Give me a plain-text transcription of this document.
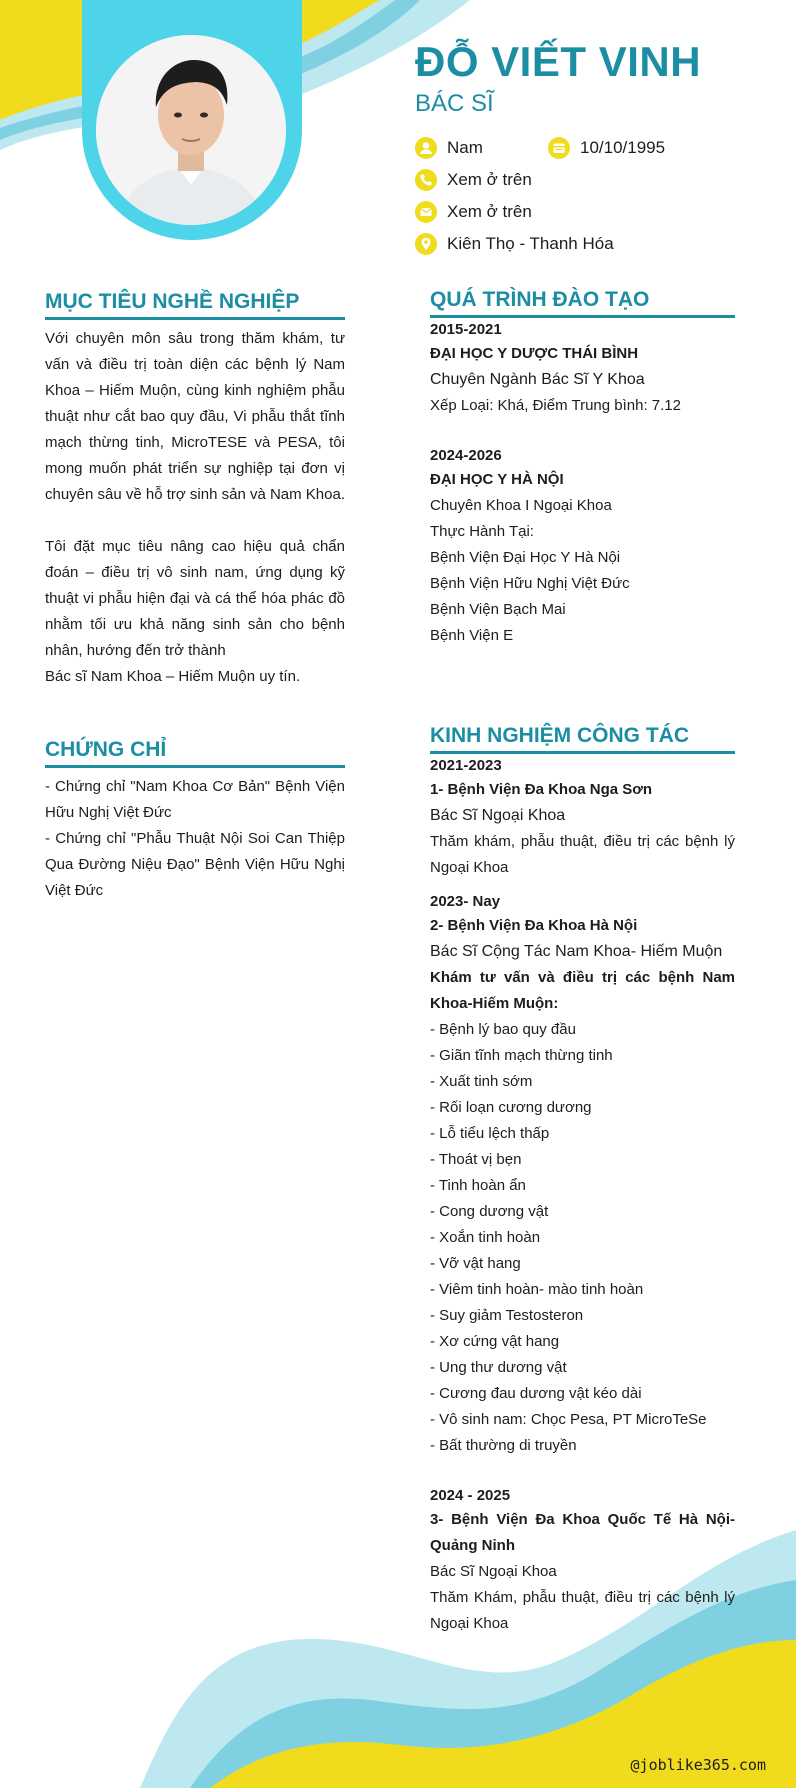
ĐỖ VIẾT VINH
BÁC SĨ
Nam	10/10/1995
Xem ở trên
Xem ở trên
Kiên Thọ - Thanh Hóa
MỤC TIÊU NGHỀ NGHIỆP

Với chuyên môn sâu trong thăm khám, tư vấn và điều trị toàn diện các bệnh lý Nam Khoa – Hiếm Muộn, cùng kinh nghiệm phẫu thuật như cắt bao quy đầu, Vi phẫu thắt tĩnh mạch thừng tinh, MicroTESE và PESA, tôi mong muốn phát triển sự nghiệp tại đơn vị chuyên sâu về hỗ trợ sinh sản và Nam Khoa.

Tôi đặt mục tiêu nâng cao hiệu quả chẩn đoán – điều trị vô sinh nam, ứng dụng kỹ thuật vi phẫu hiện đại và cá thể hóa phác đồ nhằm tối ưu khả năng sinh sản cho bệnh nhân, hướng đến trở thành

Bác sĩ Nam Khoa – Hiếm Muộn uy tín.

CHỨNG CHỈ

- Chứng chỉ "Nam Khoa Cơ Bản" Bệnh Viện Hữu Nghị Việt Đức

- Chứng chỉ "Phẫu Thuật Nội Soi Can Thiệp Qua Đường Niệu Đạo" Bệnh Viện Hữu Nghị Việt Đức

QUÁ TRÌNH ĐÀO TẠO
2015-2021
ĐẠI HỌC Y DƯỢC THÁI BÌNH
Chuyên Ngành Bác Sĩ Y Khoa
Xếp Loại: Khá, Điểm Trung bình: 7.12
2024-2026
ĐẠI HỌC Y HÀ NỘI
Chuyên Khoa I Ngoại Khoa
Thực Hành Tại:
Bệnh Viện Đại Học Y Hà Nội
Bệnh Viện Hữu Nghị Việt Đức
Bệnh Viện Bạch Mai
Bệnh Viện E
KINH NGHIỆM CÔNG TÁC
2021-2023
1- Bệnh Viện Đa Khoa Nga Sơn
Bác Sĩ Ngoại Khoa

Thăm khám, phẫu thuật, điều trị các bệnh lý Ngoại Khoa

2023- Nay
2- Bệnh Viện Đa Khoa Hà Nội
Bác Sĩ Cộng Tác Nam Khoa- Hiếm Muộn

Khám tư vấn và điều trị các bệnh Nam Khoa-Hiếm Muộn:

- Bệnh lý bao quy đầu
- Giãn tĩnh mạch thừng tinh
- Xuất tinh sớm
- Rối loạn cương dương
- Lỗ tiểu lệch thấp
- Thoát vị bẹn
- Tinh hoàn ẩn
- Cong dương vật
- Xoắn tinh hoàn
- Vỡ vật hang
- Viêm tinh hoàn- mào tinh hoàn
- Suy giảm Testosteron
- Xơ cứng vật hang
- Ung thư dương vật
- Cương đau dương vật kéo dài
- Vô sinh nam: Chọc Pesa, PT MicroTeSe
- Bất thường di truyền
2024 - 2025

3- Bệnh Viện Đa Khoa Quốc Tế Hà Nội-Quảng Ninh

Bác Sĩ Ngoại Khoa

Thăm Khám, phẫu thuật, điều trị các bệnh lý Ngoại Khoa

@joblike365.com
